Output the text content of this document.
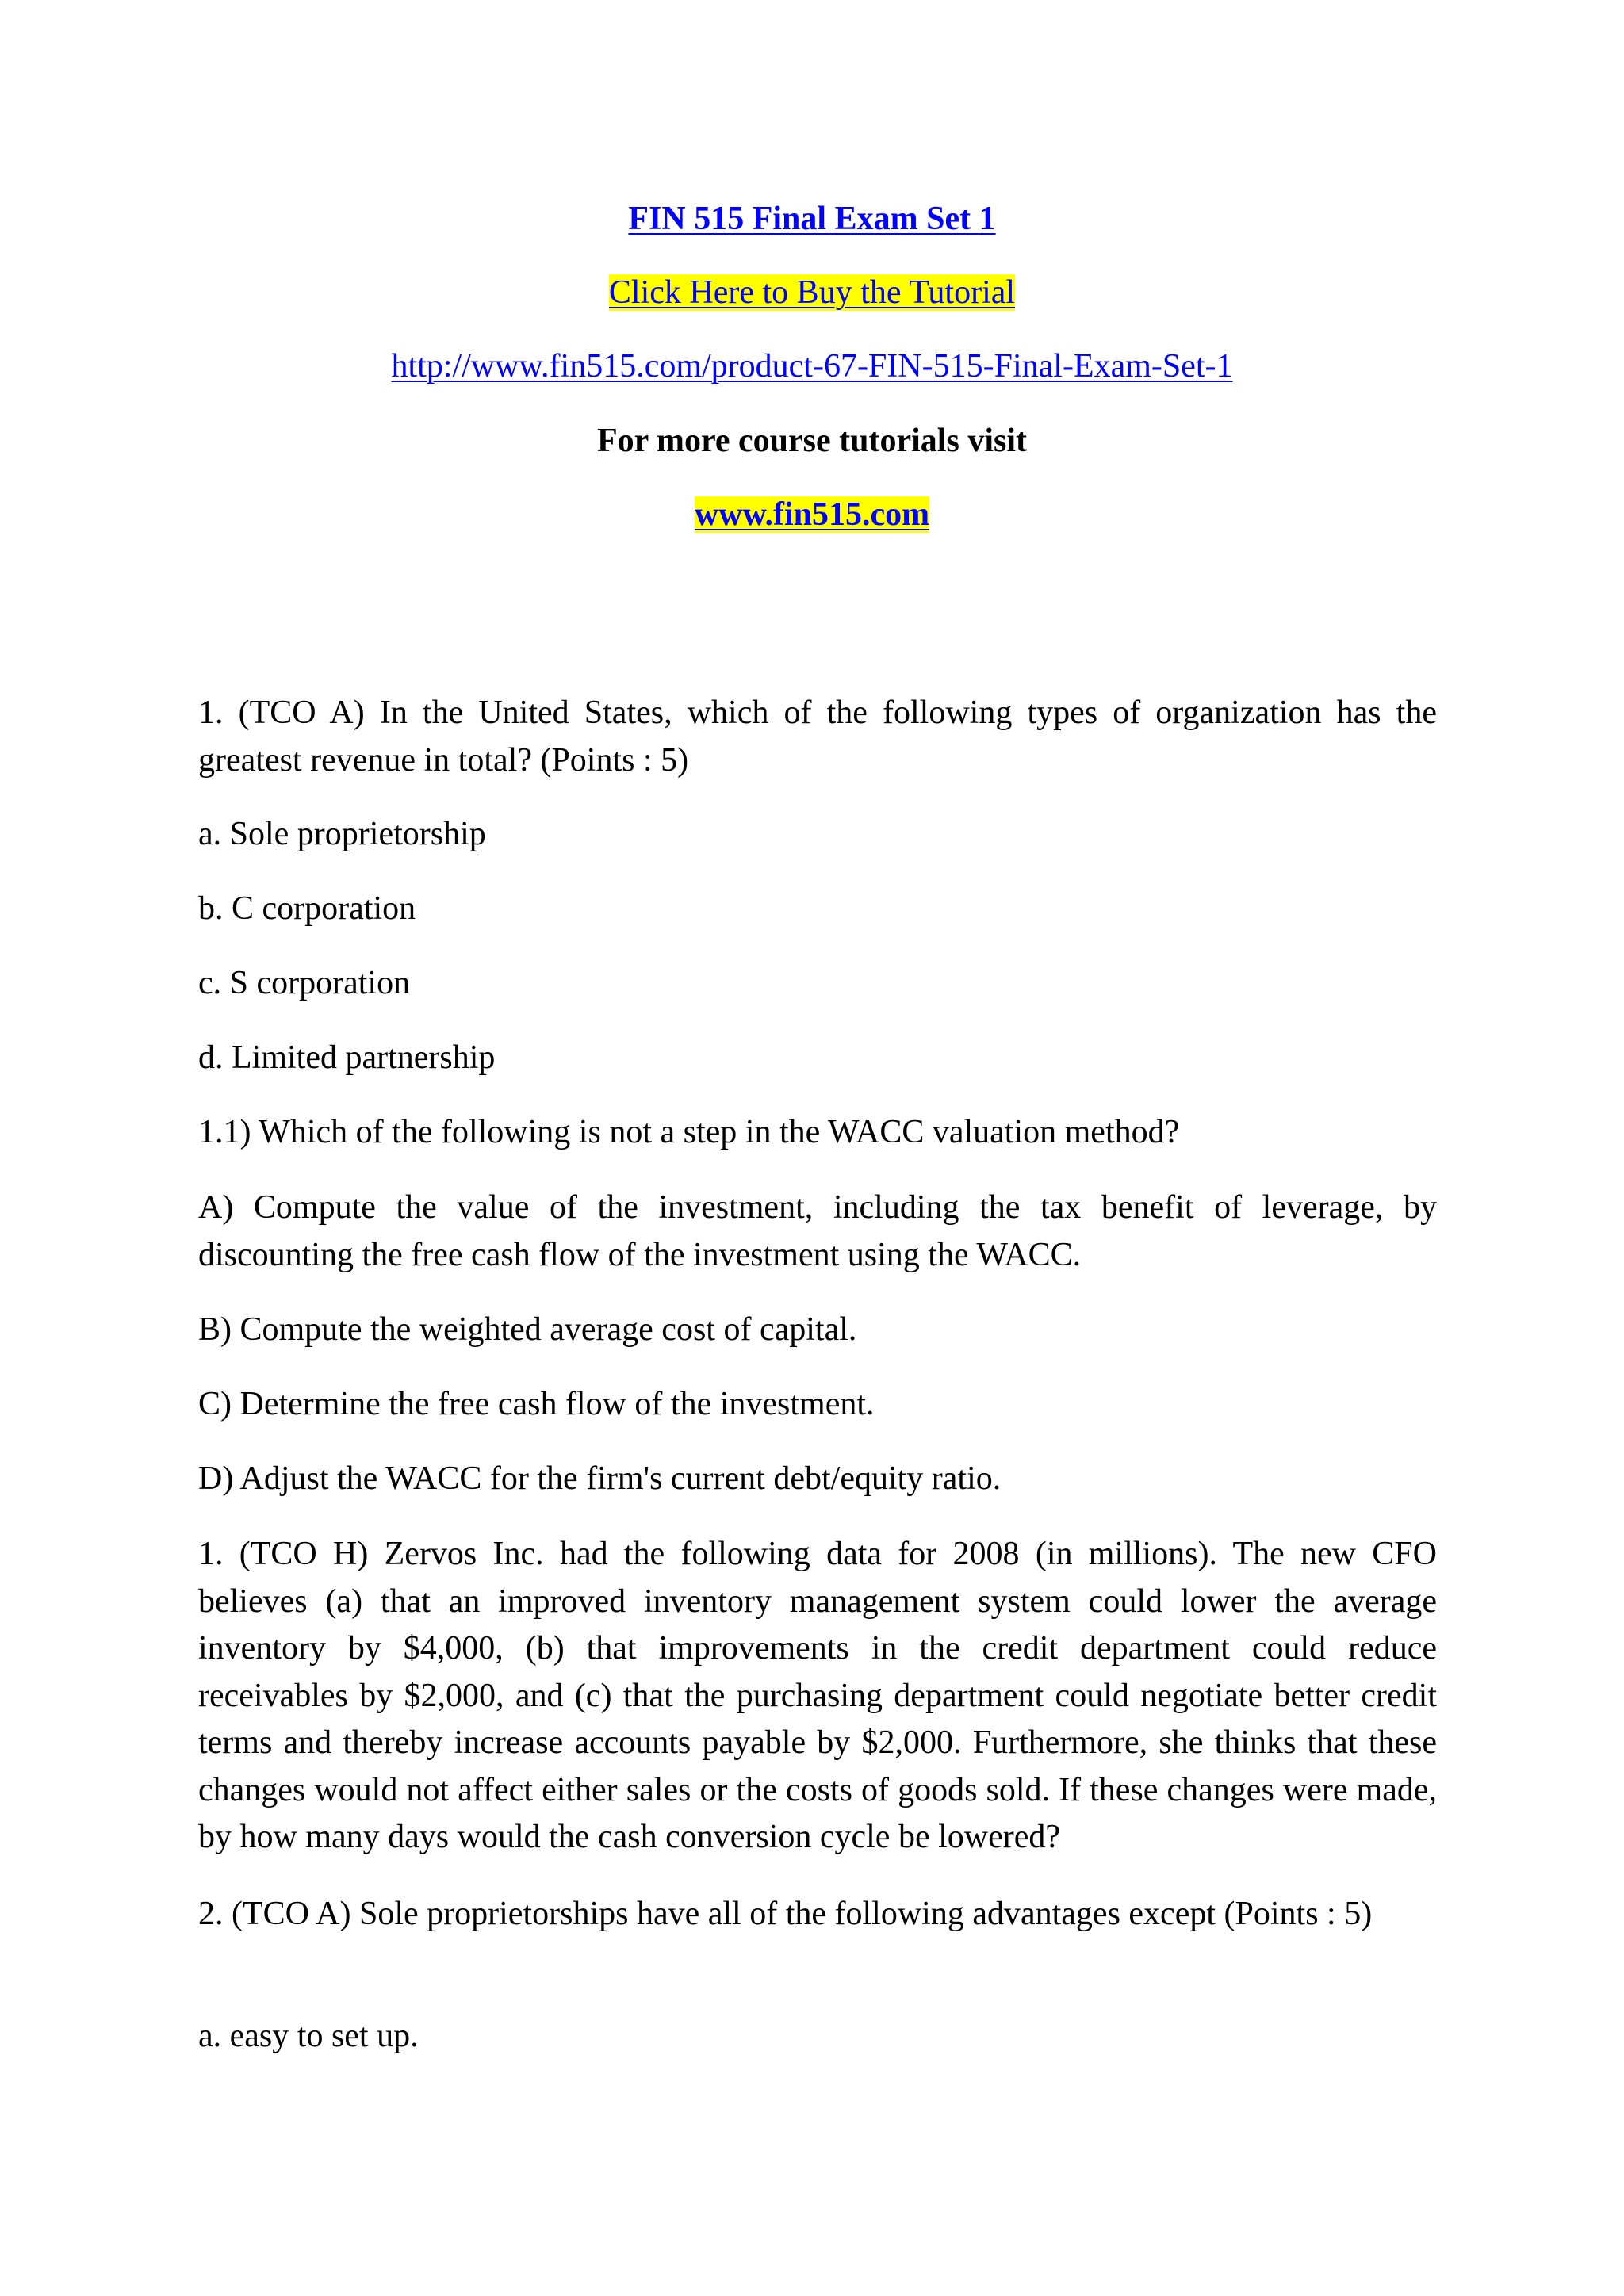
FIN 515 Final Exam Set 1
Click Here to Buy the Tutorial
http://www.fin515.com/product-67-FIN-515-Final-Exam-Set-1
For more course tutorials visit
www.fin515.com

1. (TCO A) In the United States, which of the following types of organization has the greatest revenue in total? (Points : 5)

a. Sole proprietorship
b. C corporation
c. S corporation
d. Limited partnership
1.1) Which of the following is not a step in the WACC valuation method?
A) Compute the value of the investment, including the tax benefit of leverage, by discounting the free cash flow of the investment using the WACC.
B) Compute the weighted average cost of capital.
C) Determine the free cash flow of the investment.
D) Adjust the WACC for the firm's current debt/equity ratio.
1. (TCO H) Zervos Inc. had the following data for 2008 (in millions). The new CFO believes (a) that an improved inventory management system could lower the average inventory by $4,000, (b) that improvements in the credit department could reduce receivables by $2,000, and (c) that the purchasing department could negotiate better credit terms and thereby increase accounts payable by $2,000. Furthermore, she thinks that these changes would not affect either sales or the costs of goods sold. If these changes were made, by how many days would the cash conversion cycle be lowered?
2. (TCO A) Sole proprietorships have all of the following advantages except (Points : 5)
a. easy to set up.
